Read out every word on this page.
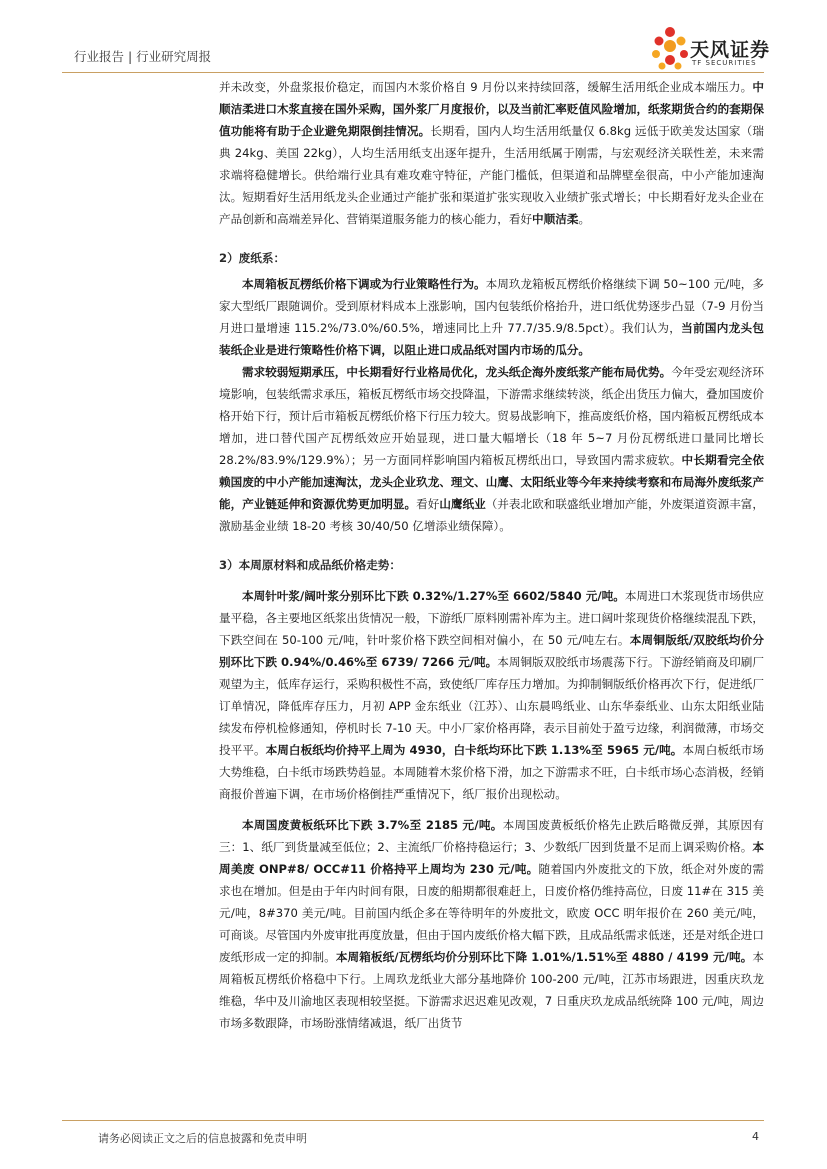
行业报告 | 行业研究周报	天风证券
TF SECURITIES

并未改变，外盘浆报价稳定，而国内木浆价格自 9 月份以来持续回落，缓解生活用纸企业成本端压力。中顺洁柔进口木浆直接在国外采购，国外浆厂月度报价，以及当前汇率贬值风险增加，纸浆期货合约的套期保值功能将有助于企业避免期限倒挂情况。长期看，国内人均生活用纸量仅 6.8kg 远低于欧美发达国家（瑞典 24kg、美国 22kg），人均生活用纸支出逐年提升，生活用纸属于刚需，与宏观经济关联性差，未来需求端将稳健增长。供给端行业具有难攻难守特征，产能门槛低，但渠道和品牌壁垒很高，中小产能加速淘汰。短期看好生活用纸龙头企业通过产能扩张和渠道扩张实现收入业绩扩张式增长；中长期看好龙头企业在产品创新和高端差异化、营销渠道服务能力的核心能力，看好中顺洁柔。

2）废纸系：

本周箱板瓦楞纸价格下调或为行业策略性行为。本周玖龙箱板瓦楞纸价格继续下调 50~100 元/吨，多家大型纸厂跟随调价。受到原材料成本上涨影响，国内包装纸价格抬升，进口纸优势逐步凸显（7-9 月份当月进口量增速 115.2%/73.0%/60.5%，增速同比上升 77.7/35.9/8.5pct）。我们认为，当前国内龙头包装纸企业是进行策略性价格下调，以阻止进口成品纸对国内市场的瓜分。

需求较弱短期承压，中长期看好行业格局优化，龙头纸企海外废纸浆产能布局优势。今年受宏观经济环境影响，包装纸需求承压，箱板瓦楞纸市场交投降温，下游需求继续转淡，纸企出货压力偏大，叠加国废价格开始下行，预计后市箱板瓦楞纸价格下行压力较大。贸易战影响下，推高废纸价格，国内箱板瓦楞纸成本增加，进口替代国产瓦楞纸效应开始显现，进口量大幅增长（18 年 5~7 月份瓦楞纸进口量同比增长 28.2%/83.9%/129.9%）；另一方面同样影响国内箱板瓦楞纸出口，导致国内需求疲软。中长期看完全依赖国废的中小产能加速淘汰，龙头企业玖龙、理文、山鹰、太阳纸业等今年来持续考察和布局海外废纸浆产能，产业链延伸和资源优势更加明显。看好山鹰纸业（并表北欧和联盛纸业增加产能，外废渠道资源丰富，激励基金业绩 18-20 考核 30/40/50 亿增添业绩保障）。

3）本周原材料和成品纸价格走势：

本周针叶浆/阔叶浆分别环比下跌 0.32%/1.27%至 6602/5840 元/吨。本周进口木浆现货市场供应量平稳，各主要地区纸浆出货情况一般，下游纸厂原料刚需补库为主。进口阔叶浆现货价格继续混乱下跌，下跌空间在 50-100 元/吨，针叶浆价格下跌空间相对偏小，在 50 元/吨左右。本周铜版纸/双胶纸均价分别环比下跌 0.94%/0.46%至 6739/ 7266 元/吨。本周铜版双胶纸市场震荡下行。下游经销商及印刷厂观望为主，低库存运行，采购积极性不高，致使纸厂库存压力增加。为抑制铜版纸价格再次下行，促进纸厂订单情况，降低库存压力，月初 APP 金东纸业（江苏）、山东晨鸣纸业、山东华泰纸业、山东太阳纸业陆续发布停机检修通知，停机时长 7-10 天。中小厂家价格再降，表示目前处于盈亏边缘，利润微薄，市场交投平平。本周白板纸均价持平上周为 4930，白卡纸均环比下跌 1.13%至 5965 元/吨。本周白板纸市场大势维稳，白卡纸市场跌势趋显。本周随着木浆价格下滑，加之下游需求不旺，白卡纸市场心态消极，经销商报价普遍下调，在市场价格倒挂严重情况下，纸厂报价出现松动。

本周国废黄板纸环比下跌 3.7%至 2185 元/吨。本周国废黄板纸价格先止跌后略微反弹，其原因有三：1、纸厂到货量减至低位；2、主流纸厂价格持稳运行；3、少数纸厂因到货量不足而上调采购价格。本周美废 ONP#8/ OCC#11 价格持平上周均为 230 元/吨。随着国内外废批文的下放，纸企对外废的需求也在增加。但是由于年内时间有限，日废的船期都很难赶上，日废价格仍维持高位，日废 11#在 315 美元/吨，8#370 美元/吨。目前国内纸企多在等待明年的外废批文，欧废 OCC 明年报价在 260 美元/吨，可商谈。尽管国内外废审批再度放量，但由于国内废纸价格大幅下跌，且成品纸需求低迷，还是对纸企进口废纸形成一定的抑制。本周箱板纸/瓦楞纸均价分别环比下降 1.01%/1.51%至 4880 / 4199 元/吨。本周箱板瓦楞纸价格稳中下行。上周玖龙纸业大部分基地降价 100-200 元/吨，江苏市场跟进，因重庆玖龙维稳，华中及川渝地区表现相较坚挺。下游需求迟迟难见改观，7 日重庆玖龙成品纸统降 100 元/吨，周边市场多数跟降，市场盼涨情绪减退，纸厂出货节

请务必阅读正文之后的信息披露和免责申明	4
